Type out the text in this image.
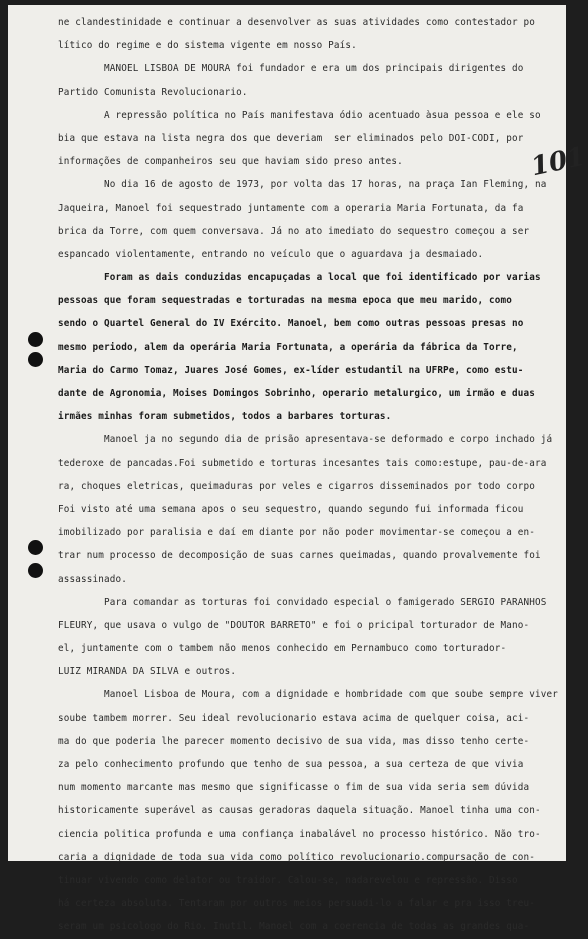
101
ne clandestinidade e continuar a desenvolver as suas atividades como contestador po
lítico do regime e do sistema vigente em nosso País.
MANOEL LISBOA DE MOURA foi fundador e era um dos principais dirigentes do
Partido Comunista Revolucionario.
A repressão política no País manifestava ódio acentuado àsua pessoa e ele so
bia que estava na lista negra dos que deveriam  ser eliminados pelo DOI-CODI, por
informações de companheiros seu que haviam sido preso antes.
No dia 16 de agosto de 1973, por volta das 17 horas, na praça Ian Fleming, na
Jaqueira, Manoel foi sequestrado juntamente com a operaria Maria Fortunata, da fa
brica da Torre, com quem conversava. Já no ato imediato do sequestro começou a ser
espancado violentamente, entrando no veículo que o aguardava ja desmaiado.
Foram as dais conduzidas encapuçadas a local que foi identificado por varias
pessoas que foram sequestradas e torturadas na mesma epoca que meu marido, como
sendo o Quartel General do IV Exército. Manoel, bem como outras pessoas presas no
mesmo periodo, alem da operária Maria Fortunata, a operária da fábrica da Torre,
Maria do Carmo Tomaz, Juares José Gomes, ex-líder estudantil na UFRPe, como estu-
dante de Agronomia, Moises Domingos Sobrinho, operario metalurgico, um irmão e duas
irmães minhas foram submetidos, todos a barbares torturas.
Manoel ja no segundo dia de prisão apresentava-se deformado e corpo inchado já
tederoxe de pancadas.Foi submetido e torturas incesantes tais como:estupe, pau-de-ara
ra, choques eletricas, queimaduras por veles e cigarros disseminados por todo corpo
Foi visto até uma semana apos o seu sequestro, quando segundo fui informada ficou
imobilizado por paralisia e daí em diante por não poder movimentar-se começou a en-
trar num processo de decomposição de suas carnes queimadas, quando provalvemente foi
assassinado.
Para comandar as torturas foi convidado especial o famigerado SERGIO PARANHOS
FLEURY, que usava o vulgo de "DOUTOR BARRETO" e foi o pricipal torturador de Mano-
el, juntamente com o tambem não menos conhecido em Pernambuco como torturador-
LUIZ MIRANDA DA SILVA e outros.
Manoel Lisboa de Moura, com a dignidade e hombridade com que soube sempre viver
soube tambem morrer. Seu ideal revolucionario estava acima de quelquer coisa, aci-
ma do que poderia lhe parecer momento decisivo de sua vida, mas disso tenho certe-
za pelo conhecimento profundo que tenho de sua pessoa, a sua certeza de que vivia
num momento marcante mas mesmo que significasse o fim de sua vida seria sem dúvida
historicamente superável as causas geradoras daquela situação. Manoel tinha uma con-
ciencia politica profunda e uma confiança inabalável no processo histórico. Não tro-
caria a dignidade de toda sua vida como político revolucionario.compursação de con-
tinuar vivendo como delator ou traidor. Calou-se, nadarevelou e repressão. Disso
há certeza absoluta. Tentaram por outros meios persuadi-lo a falar e pra isso treu-
seram um psicologo do Rio. Inutil. Manoel com a coerencia de todas as grandes qua-
